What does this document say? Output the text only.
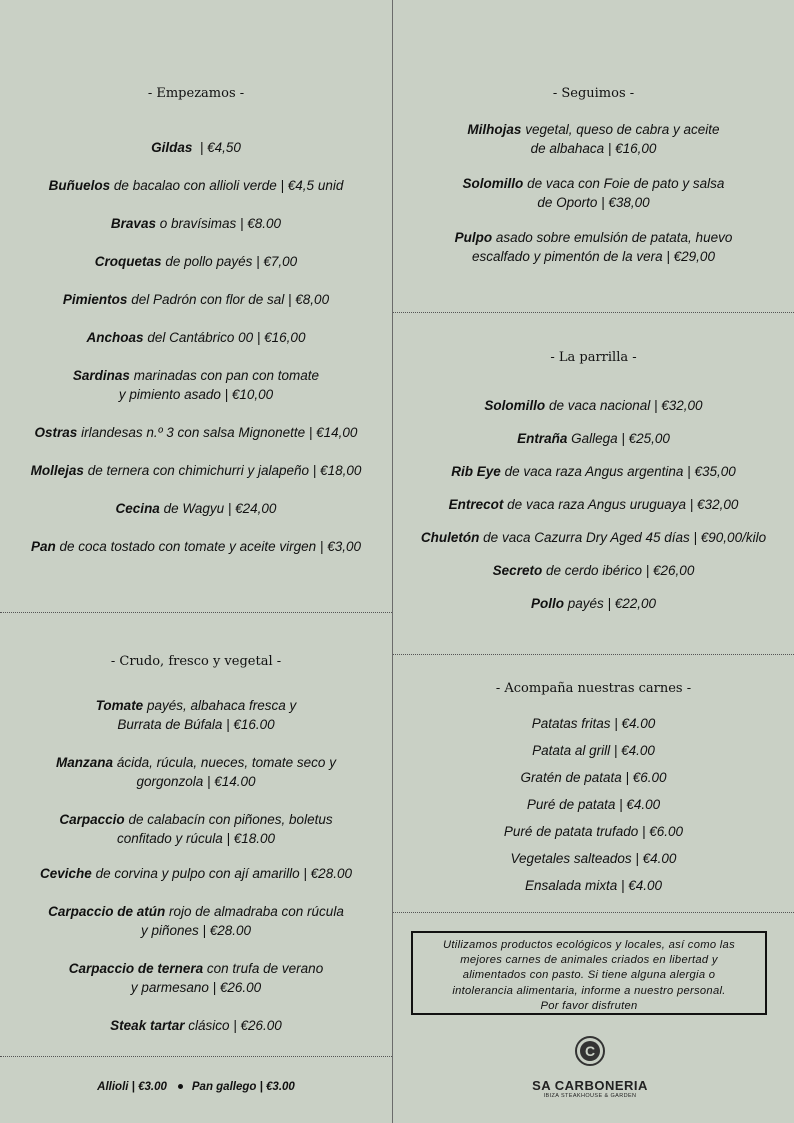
- Empezamos -
Gildas | €4,50
Buñuelos de bacalao con allioli verde | €4,5 unid
Bravas o bravísimas | €8.00
Croquetas de pollo payés | €7,00
Pimientos del Padrón con flor de sal | €8,00
Anchoas del Cantábrico 00 | €16,00
Sardinas marinadas con pan con tomate
y pimiento asado | €10,00
Ostras irlandesas n.º 3 con salsa Mignonette | €14,00
Mollejas de ternera con chimichurri y jalapeño | €18,00
Cecina de Wagyu | €24,00
Pan de coca tostado con tomate y aceite virgen | €3,00
- Crudo, fresco y vegetal -
Tomate payés, albahaca fresca y
Burrata de Búfala | €16.00
Manzana ácida, rúcula, nueces, tomate seco y
gorgonzola | €14.00
Carpaccio de calabacín con piñones, boletus
confitado y rúcula | €18.00
Ceviche de corvina y pulpo con ají amarillo | €28.00
Carpaccio de atún rojo de almadraba con rúcula
y piñones | €28.00
Carpaccio de ternera con trufa de verano
y parmesano | €26.00
Steak tartar clásico | €26.00
Allioli | €3.00 Pan gallego | €3.00
- Seguimos -
Milhojas vegetal, queso de cabra y aceite
de albahaca | €16,00
Solomillo de vaca con Foie de pato y salsa
de Oporto | €38,00
Pulpo asado sobre emulsión de patata, huevo
escalfado y pimentón de la vera | €29,00
- La parrilla -
Solomillo de vaca nacional | €32,00
Entraña Gallega | €25,00
Rib Eye de vaca raza Angus argentina | €35,00
Entrecot de vaca raza Angus uruguaya | €32,00
Chuletón de vaca Cazurra Dry Aged 45 días | €90,00/kilo
Secreto de cerdo ibérico | €26,00
Pollo payés | €22,00
- Acompaña nuestras carnes -
Patatas fritas | €4.00
Patata al grill | €4.00
Gratén de patata | €6.00
Puré de patata | €4.00
Puré de patata trufado | €6.00
Vegetales salteados | €4.00
Ensalada mixta | €4.00
Utilizamos productos ecológicos y locales, así como las
mejores carnes de animales criados en libertad y
alimentados con pasto. Si tiene alguna alergia o
intolerancia alimentaria, informe a nuestro personal.
Por favor disfruten
C
SA CARBONERIA
IBIZA STEAKHOUSE & GARDEN
